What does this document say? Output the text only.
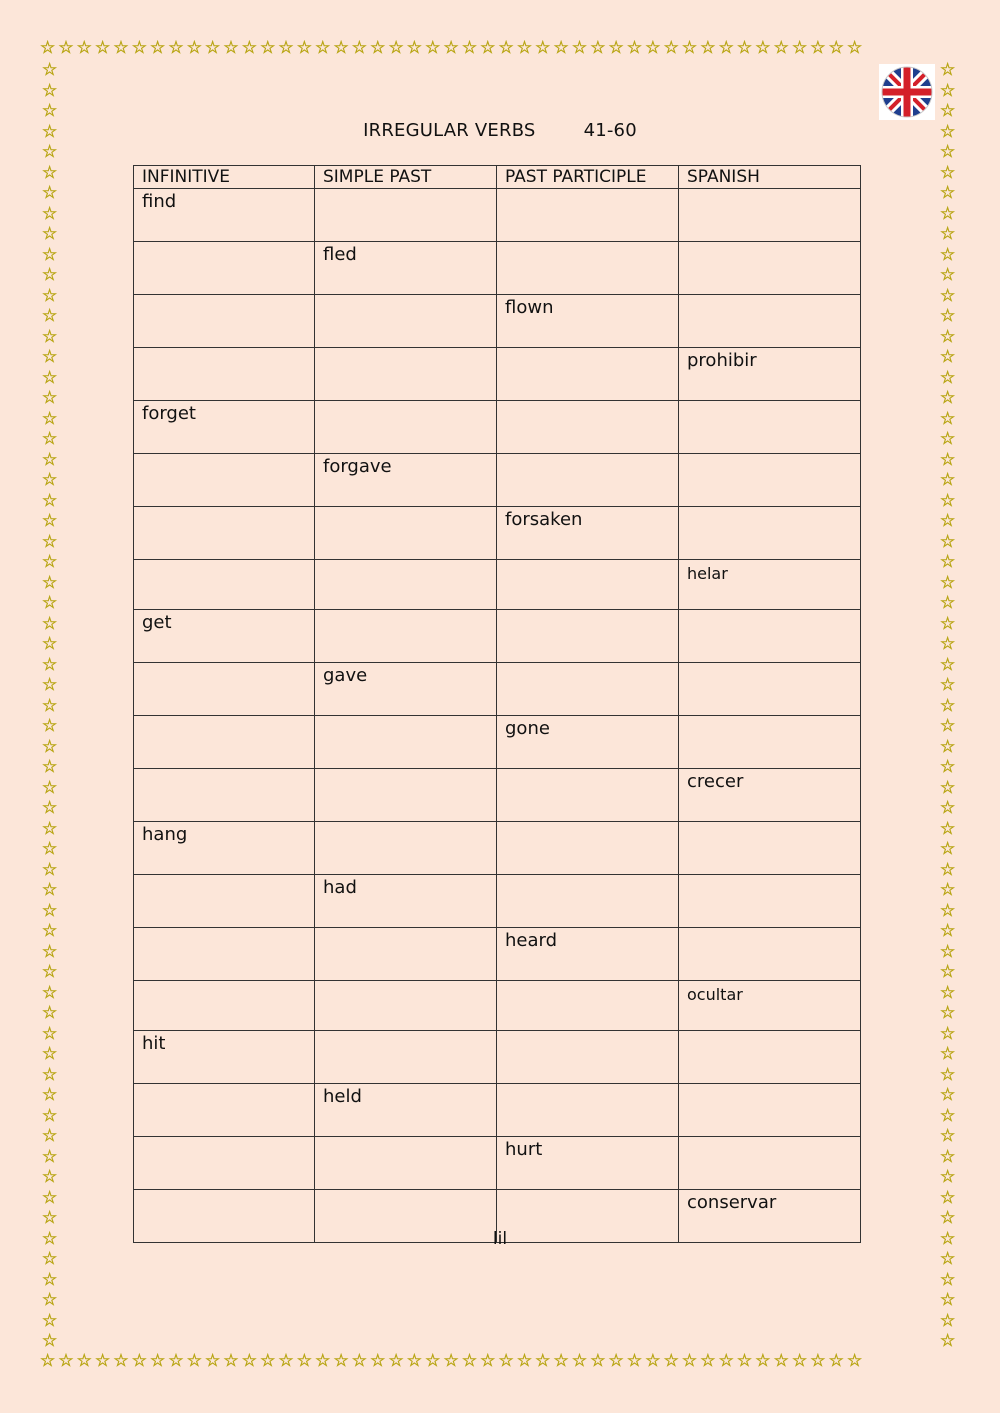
☆☆☆☆☆☆☆☆☆☆☆☆☆☆☆☆☆☆☆☆☆☆☆☆☆☆☆☆☆☆☆☆☆☆☆☆☆☆☆☆☆☆☆☆☆
☆☆☆☆☆☆☆☆☆☆☆☆☆☆☆☆☆☆☆☆☆☆☆☆☆☆☆☆☆☆☆☆☆☆☆☆☆☆☆☆☆☆☆☆☆
☆☆☆☆☆☆☆☆☆☆☆☆☆☆☆☆☆☆☆☆☆☆☆☆☆☆☆☆☆☆☆☆☆☆☆☆☆☆☆☆☆☆☆☆☆☆☆☆☆☆☆☆☆☆☆☆☆☆☆☆☆☆☆
☆☆☆☆☆☆☆☆☆☆☆☆☆☆☆☆☆☆☆☆☆☆☆☆☆☆☆☆☆☆☆☆☆☆☆☆☆☆☆☆☆☆☆☆☆☆☆☆☆☆☆☆☆☆☆☆☆☆☆☆☆☆☆
IRREGULAR VERBS	41-60
INFINITIVE	SIMPLE PAST	PAST PARTICIPLE	SPANISH
find			
	fled		
		flown	
			prohibir
forget			
	forgave		
		forsaken	
			helar
get			
	gave		
		gone	
			crecer
hang			
	had		
		heard	
			ocultar
hit			
	held		
		hurt	
			conservar
lil
